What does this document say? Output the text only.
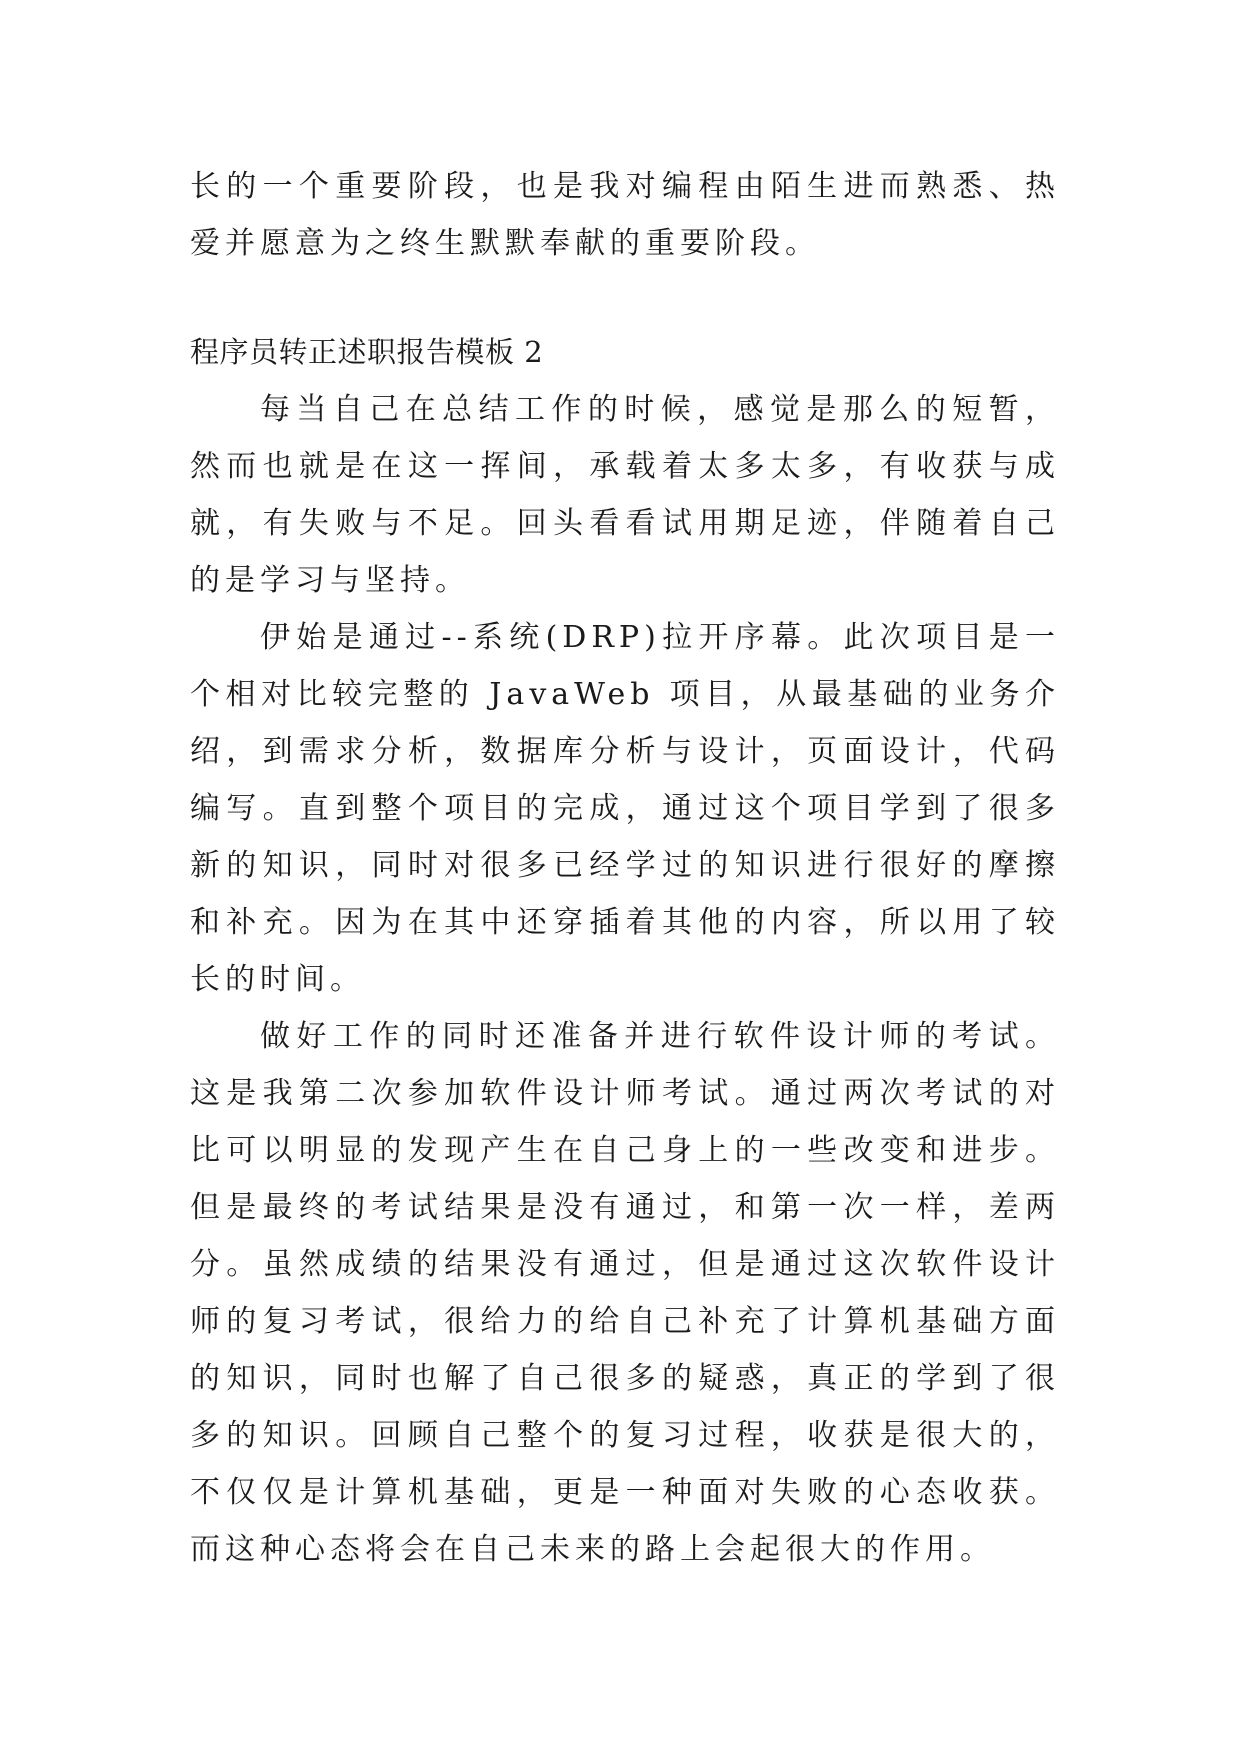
长的一个重要阶段，也是我对编程由陌生进而熟悉、热爱并愿意为之终生默默奉献的重要阶段。

程序员转正述职报告模板 2

每当自己在总结工作的时候，感觉是那么的短暂，然而也就是在这一挥间，承载着太多太多，有收获与成就，有失败与不足。回头看看试用期足迹，伴随着自己的是学习与坚持。

伊始是通过--系统(DRP)拉开序幕。此次项目是一个相对比较完整的 JavaWeb 项目，从最基础的业务介绍，到需求分析，数据库分析与设计，页面设计，代码编写。直到整个项目的完成，通过这个项目学到了很多新的知识，同时对很多已经学过的知识进行很好的摩擦和补充。因为在其中还穿插着其他的内容，所以用了较长的时间。

做好工作的同时还准备并进行软件设计师的考试。这是我第二次参加软件设计师考试。通过两次考试的对比可以明显的发现产生在自己身上的一些改变和进步。但是最终的考试结果是没有通过，和第一次一样，差两分。虽然成绩的结果没有通过，但是通过这次软件设计师的复习考试，很给力的给自己补充了计算机基础方面的知识，同时也解了自己很多的疑惑，真正的学到了很多的知识。回顾自己整个的复习过程，收获是很大的，不仅仅是计算机基础，更是一种面对失败的心态收获。而这种心态将会在自己未来的路上会起很大的作用。
